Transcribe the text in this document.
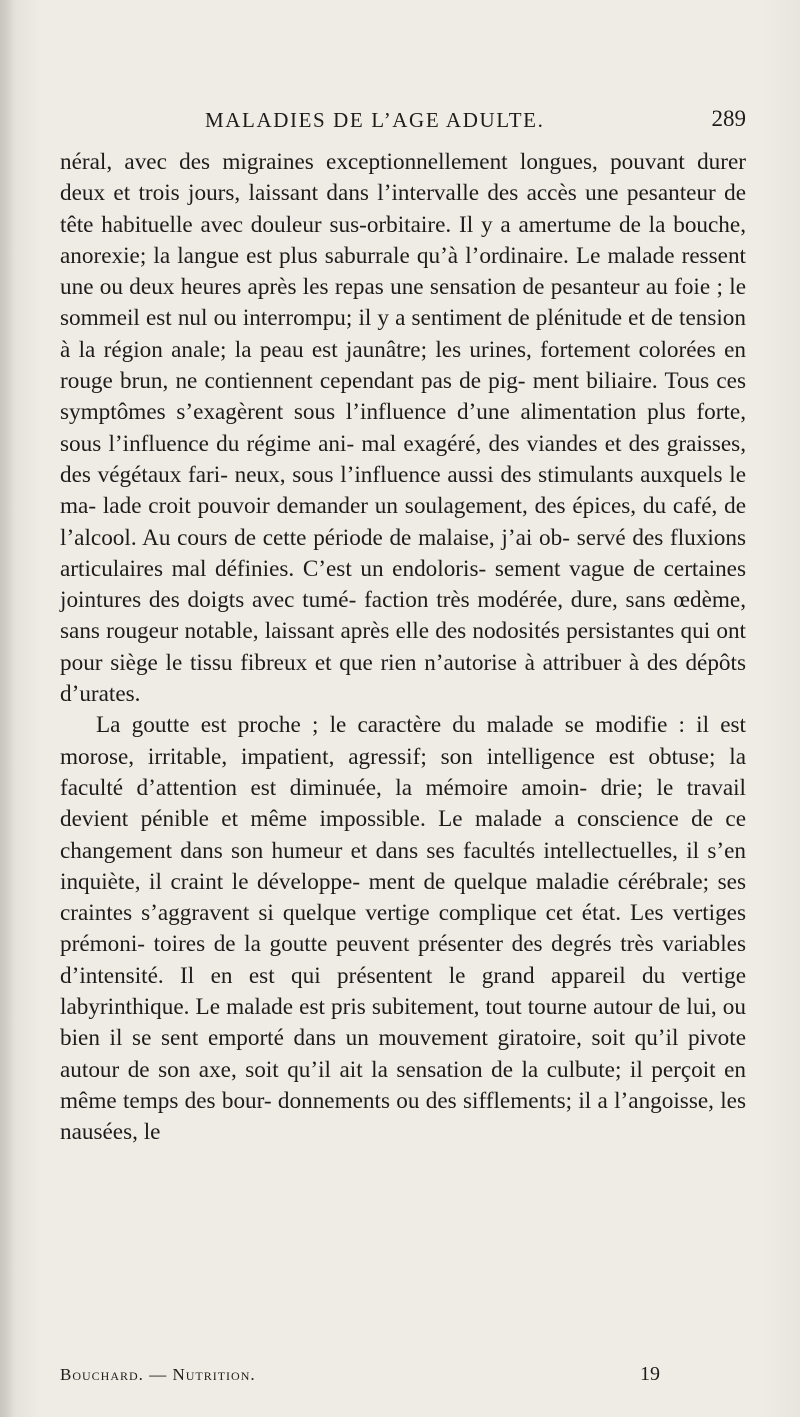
MALADIES DE L’AGE ADULTE.	289

néral, avec des migraines exceptionnellement longues, pouvant durer deux et trois jours, laissant dans l’intervalle des accès une pesanteur de tête habituelle avec douleur sus-orbitaire. Il y a amertume de la bouche, anorexie; la langue est plus saburrale qu’à l’ordinaire. Le malade ressent une ou deux heures après les repas une sensation de pesanteur au foie ; le sommeil est nul ou interrompu; il y a sentiment de plénitude et de tension à la région anale; la peau est jaunâtre; les urines, fortement colorées en rouge brun, ne contiennent cependant pas de pig- ment biliaire. Tous ces symptômes s’exagèrent sous l’influence d’une alimentation plus forte, sous l’influence du régime ani- mal exagéré, des viandes et des graisses, des végétaux fari- neux, sous l’influence aussi des stimulants auxquels le ma- lade croit pouvoir demander un soulagement, des épices, du café, de l’alcool. Au cours de cette période de malaise, j’ai ob- servé des fluxions articulaires mal définies. C’est un endoloris- sement vague de certaines jointures des doigts avec tumé- faction très modérée, dure, sans œdème, sans rougeur notable, laissant après elle des nodosités persistantes qui ont pour siège le tissu fibreux et que rien n’autorise à attribuer à des dépôts d’urates.

La goutte est proche ; le caractère du malade se modifie : il est morose, irritable, impatient, agressif; son intelligence est obtuse; la faculté d’attention est diminuée, la mémoire amoin- drie; le travail devient pénible et même impossible. Le malade a conscience de ce changement dans son humeur et dans ses facultés intellectuelles, il s’en inquiète, il craint le développe- ment de quelque maladie cérébrale; ses craintes s’aggravent si quelque vertige complique cet état. Les vertiges prémoni- toires de la goutte peuvent présenter des degrés très variables d’intensité. Il en est qui présentent le grand appareil du vertige labyrinthique. Le malade est pris subitement, tout tourne autour de lui, ou bien il se sent emporté dans un mouvement giratoire, soit qu’il pivote autour de son axe, soit qu’il ait la sensation de la culbute; il perçoit en même temps des bour- donnements ou des sifflements; il a l’angoisse, les nausées, le

Bouchard. — Nutrition.	19
